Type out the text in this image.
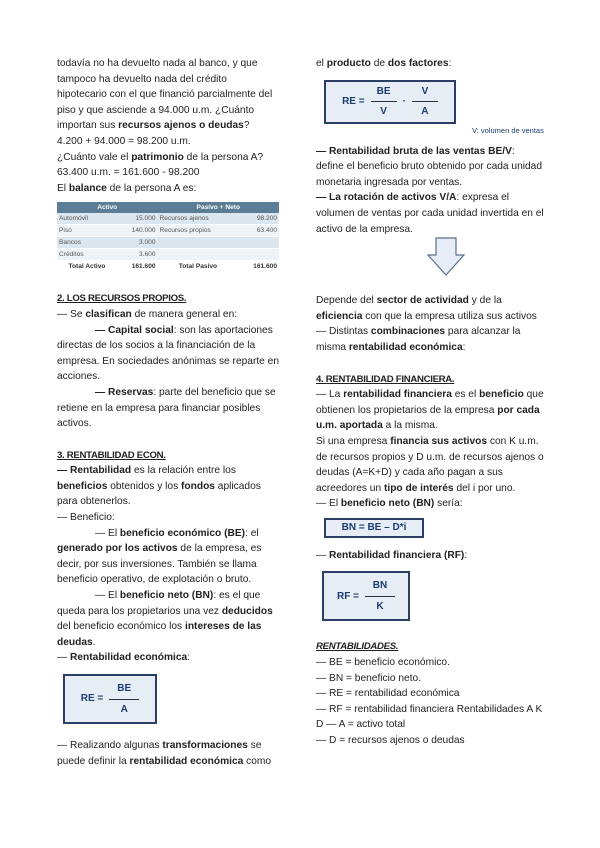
todavía no ha devuelto nada al banco, y que tampoco ha devuelto nada del crédito hipotecario con el que financió parcialmente del piso y que asciende a 94.000 u.m. ¿Cuánto importan sus recursos ajenos o deudas?

4.200 + 94.000 = 98.200 u.m.

¿Cuánto vale el patrimonio de la persona A?

63.400 u.m. = 161.600 - 98.200

El balance de la persona A es:

Activo		Pasivo + Neto	
Automóvil	15.000	Recursos ajenos	98.200
Piso	140.000	Recursos propios	63.400
Bancos	3.000		
Créditos	3.600		
Total Activo	161.600	Total Pasivo	161.600

2. LOS RECURSOS PROPIOS.

— Se clasifican de manera general en:

— Capital social: son las aportaciones directas de los socios a la financiación de la empresa. En sociedades anónimas se reparte en acciones.

— Reservas: parte del beneficio que se retiene en la empresa para financiar posibles activos.

3. RENTABILIDAD ECON.

— Rentabilidad es la relación entre los beneficios obtenidos y los fondos aplicados para obtenerlos.

— Beneficio:

— El beneficio económico (BE): el generado por los activos de la empresa, es decir, por sus inversiones. También se llama beneficio operativo, de explotación o bruto.

— El beneficio neto (BN): es el que queda para los propietarios una vez deducidos del beneficio económico los intereses de las deudas.

— Rentabilidad económica:

RE = $\frac{BE}{A}$

— Realizando algunas transformaciones se puede definir la rentabilidad económica como

el producto de dos factores:

RE = $\frac{BE}{V} \cdot \frac{V}{A}$
V: volumen de ventas

— Rentabilidad bruta de las ventas BE/V: define el beneficio bruto obtenido por cada unidad monetaria ingresada por ventas.

— La rotación de activos V/A: expresa el volumen de ventas por cada unidad invertida en el activo de la empresa.

Depende del sector de actividad y de la eficiencia con que la empresa utiliza sus activos

— Distintas combinaciones para alcanzar la misma rentabilidad económica:

4. RENTABILIDAD FINANCIERA.

— La rentabilidad financiera es el beneficio que obtienen los propietarios de la empresa por cada u.m. aportada a la misma.

Si una empresa financia sus activos con K u.m. de recursos propios y D u.m. de recursos ajenos o deudas (A=K+D) y cada año pagan a sus acreedores un tipo de interés del i por uno.

— El beneficio neto (BN) sería:

BN = BE – D*i

— Rentabilidad financiera (RF):

RF = $\frac{BN}{K}$

RENTABILIDADES.

— BE = beneficio económico.

— BN = beneficio neto.

— RE = rentabilidad económica

— RF = rentabilidad financiera Rentabilidades A K D — A = activo total

— D = recursos ajenos o deudas
